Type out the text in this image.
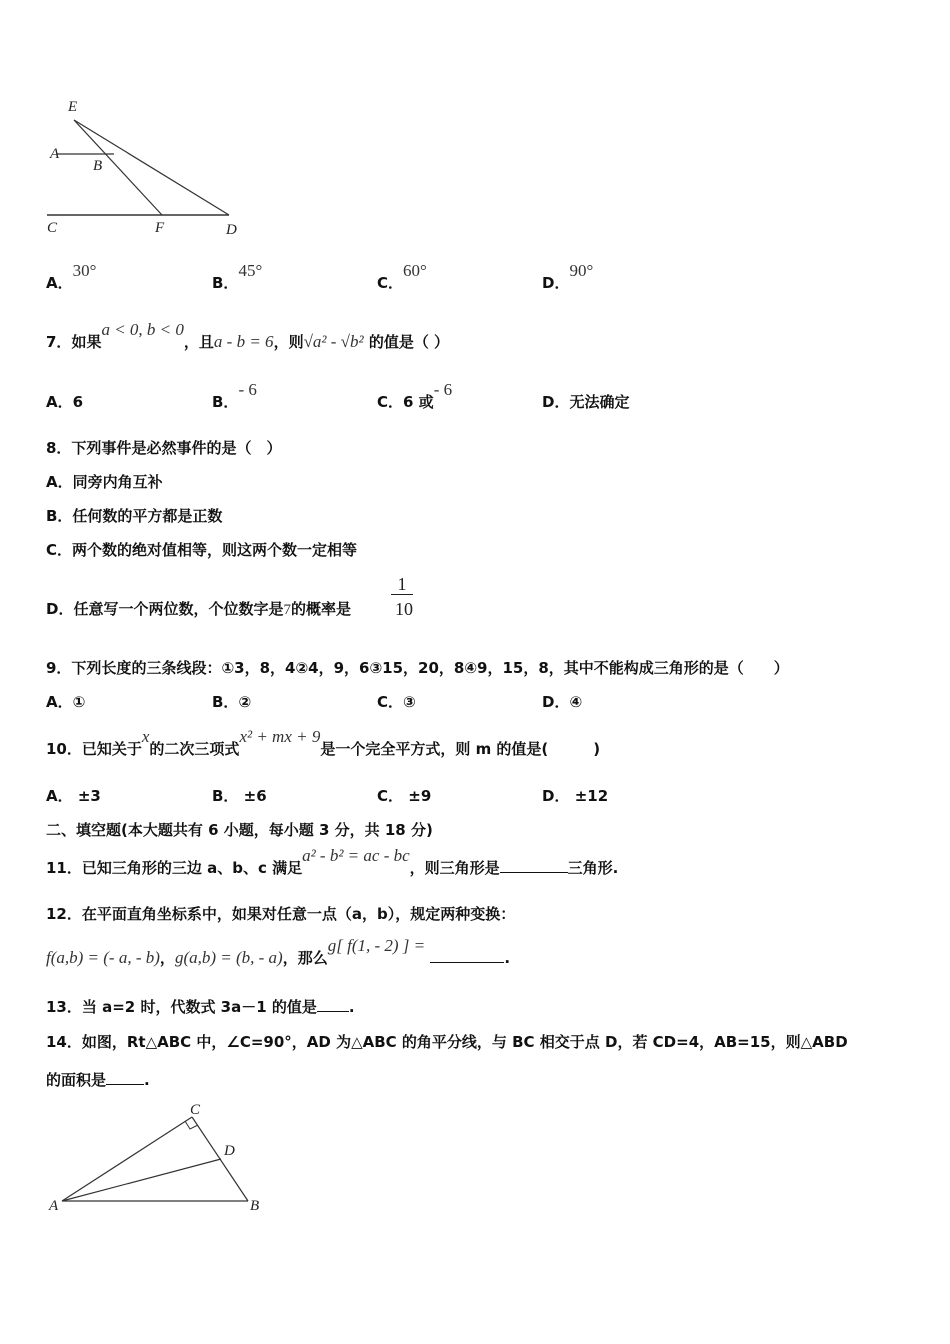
E
A
B
C	F	D
A．30°
B．45°
C．60°
D．90°
7．如果a < 0, b < 0，且a - b = 6，则√a² - √b² 的值是（ ）
A．6	B．- 6
C．6 或- 6
D．无法确定
8．下列事件是必然事件的是（　）
A．同旁内角互补
B．任何数的平方都是正数
C．两个数的绝对值相等，则这两个数一定相等
D．任意写一个两位数，个位数字是7的概率是
1
10
9．下列长度的三条线段：①3，8，4②4，9，6③15，20，8④9，15，8，其中不能构成三角形的是（　　）
A．①	B．②	C．③	D．④
10．已知关于x的二次三项式x² + mx + 9是一个完全平方式，则 m 的值是(　　　)
A． ±3	B． ±6	C． ±9	D． ±12
二、填空题(本大题共有 6 小题，每小题 3 分，共 18 分)
11．已知三角形的三边 a、b、c 满足a² - b² = ac - bc，则三角形是	三角形.
12．在平面直角坐标系中，如果对任意一点（a，b），规定两种变换：
f(a,b) = (- a, - b)，g(a,b) = (b, - a)，那么g[ f(1, - 2) ] = .
13．当 a=2 时，代数式 3a－1 的值是 .
14．如图，Rt△ABC 中，∠C=90°，AD 为△ABC 的角平分线，与 BC 相交于点 D，若 CD=4，AB=15，则△ABD
的面积是	.
C
D
A	B
